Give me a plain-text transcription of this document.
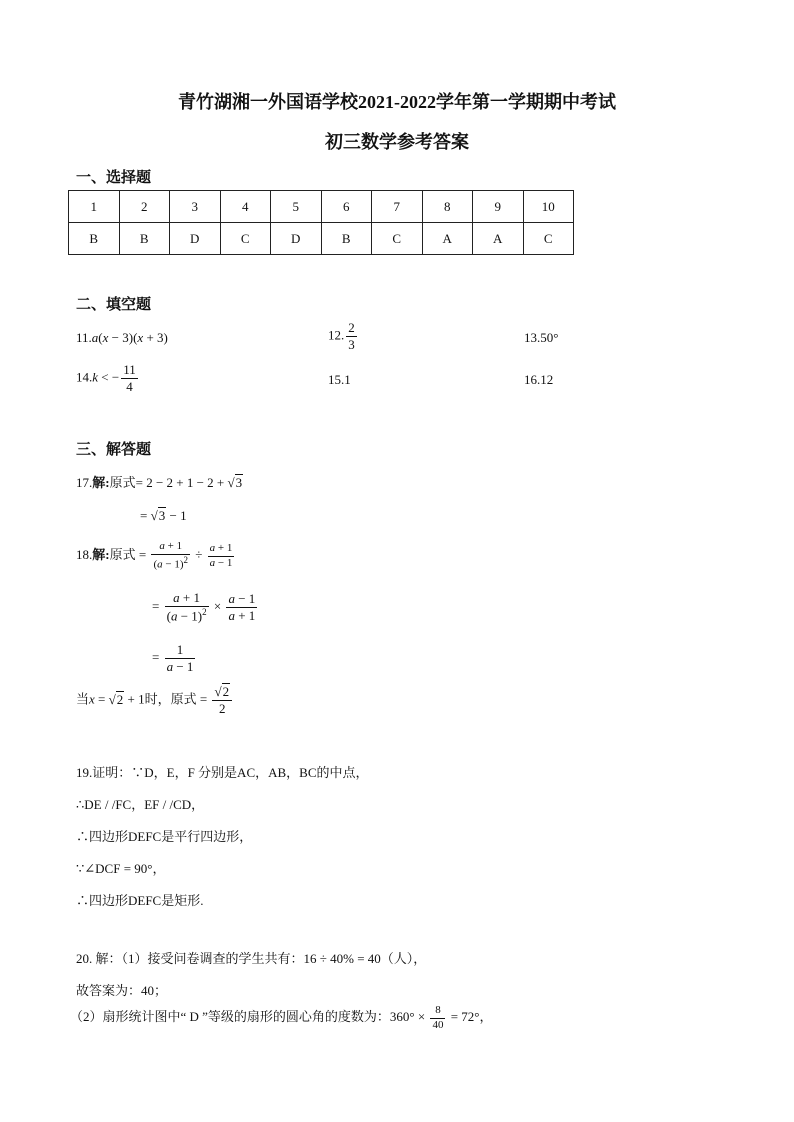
青竹湖湘一外国语学校2021-2022学年第一学期期中考试
初三数学参考答案
一、选择题
1	2	3	4	5	6	7	8	9	10
B	B	D	C	D	B	C	A	A	C
二、填空题
11.a(x − 3)(x + 3)	12. $\frac{2}{3}$	13.50°
14.k < − $\frac{11}{4}$	15.1	16.12
三、解答题
17.解:原式= 2 − 2 + 1 − 2 + √3
= √3 − 1
18.解:原式 = $\frac{a + 1}{(a - 1)^2} \div \frac{a + 1}{a - 1}$
= $\frac{a + 1}{(a - 1)^2} \times \frac{a - 1}{a + 1}$
= $\frac{1}{a - 1}$
当x = √2 + 1时，原式 = $\frac{√2}{2}$
19.证明：∵D，E，F 分别是AC，AB，BC的中点，
∴DE / /FC，EF / /CD，
∴四边形DEFC是平行四边形，
∵∠DCF = 90°，
∴四边形DEFC是矩形.
20. 解：（1）接受问卷调查的学生共有：16 ÷ 40% = 40（人），
故答案为：40；
（2）扇形统计图中“ D ”等级的扇形的圆心角的度数为：$360^\circ \times \frac{8}{40} = 72^\circ$，
